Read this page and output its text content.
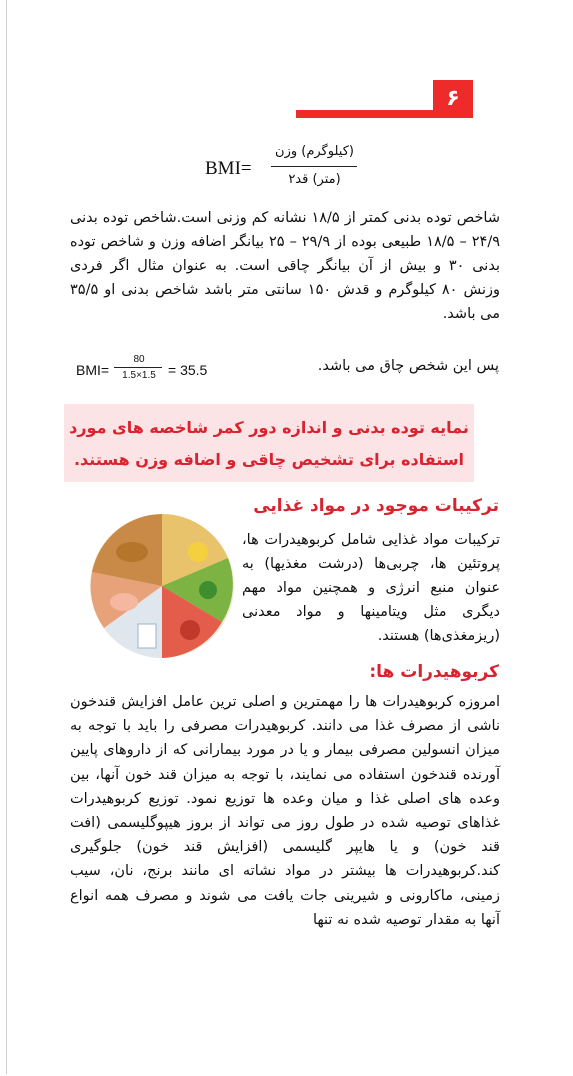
۶
BMI=
(کیلوگرم) وزن
(متر) قد۲
شاخص توده بدنی کمتر از ۱۸/۵ نشانه کم وزنی است.شاخص توده بدنی ۲۴/۹ – ۱۸/۵ طبیعی بوده از ۲۹/۹ – ۲۵ بیانگر اضافه وزن و شاخص توده بدنی ۳۰ و بیش از آن بیانگر چاقی است. به عنوان مثال اگر فردی وزنش ۸۰ کیلوگرم و قدش ۱۵۰ سانتی متر باشد شاخص بدنی او ۳۵/۵ می باشد.
BMI=
80
1.5×1.5 = 35.5	پس این شخص چاق می باشد.
نمایه توده بدنی و اندازه دور کمر شاخصه های مورد استفاده برای تشخیص چاقی و اضافه وزن هستند.
ترکیبات موجود در مواد غذایی
ترکیبات مواد غذایی شامل کربوهیدرات ها، پروتئین ها، چربی‌ها (درشت مغذیها) به عنوان منبع انرژی و همچنین مواد مهم دیگری مثل ویتامینها و مواد معدنی (ریزمغذی‌ها) هستند.
کربوهیدرات ها:
امروزه کربوهیدرات ها را مهمترین و اصلی ترین عامل افزایش قندخون ناشی از مصرف غذا می دانند. کربوهیدرات مصرفی را باید با توجه به میزان انسولین مصرفی بیمار و یا در مورد بیمارانی که از داروهای پایین آورنده قندخون استفاده می نمایند، با توجه به میزان قند خون آنها، بین وعده های اصلی غذا و میان وعده ها توزیع نمود. توزیع کربوهیدرات غذاهای توصیه شده در طول روز می تواند از بروز هیپوگلیسمی (افت قند خون) و یا هایپر گلیسمی (افزایش قند خون) جلوگیری کند.کربوهیدرات ها بیشتر در مواد نشاته ای مانند برنج، نان، سیب زمینی، ماکارونی و شیرینی جات یافت می شوند و مصرف همه انواع آنها به مقدار توصیه شده نه تنها
